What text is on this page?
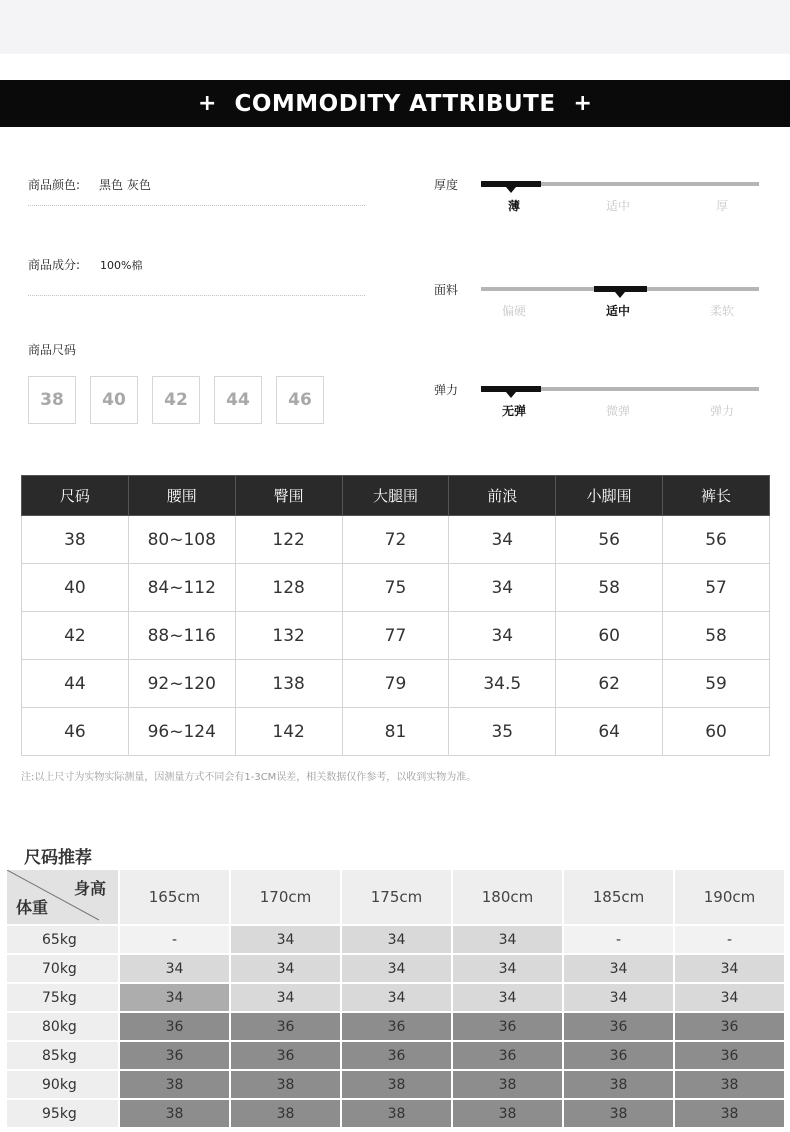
+ COMMODITY ATTRIBUTE +
商品颜色: 黑色 灰色
商品成分: 100%棉
商品尺码
38	40	42	44	46
厚度
薄	适中	厚
面料
偏硬	适中	柔软
弹力
无弹	微弹	弹力
尺码	腰围	臀围	大腿围	前浪	小脚围	裤长
38	80~108	122	72	34	56	56
40	84~112	128	75	34	58	57
42	88~116	132	77	34	60	58
44	92~120	138	79	34.5	62	59
46	96~124	142	81	35	64	60
注:以上尺寸为实物实际测量，因测量方式不同会有1-3CM误差，相关数据仅作参考，以收到实物为准。
尺码推荐
身高
体重	165cm	170cm	175cm	180cm	185cm	190cm
65kg	-	34	34	34	-	-
70kg	34	34	34	34	34	34
75kg	34	34	34	34	34	34
80kg	36	36	36	36	36	36
85kg	36	36	36	36	36	36
90kg	38	38	38	38	38	38
95kg	38	38	38	38	38	38
